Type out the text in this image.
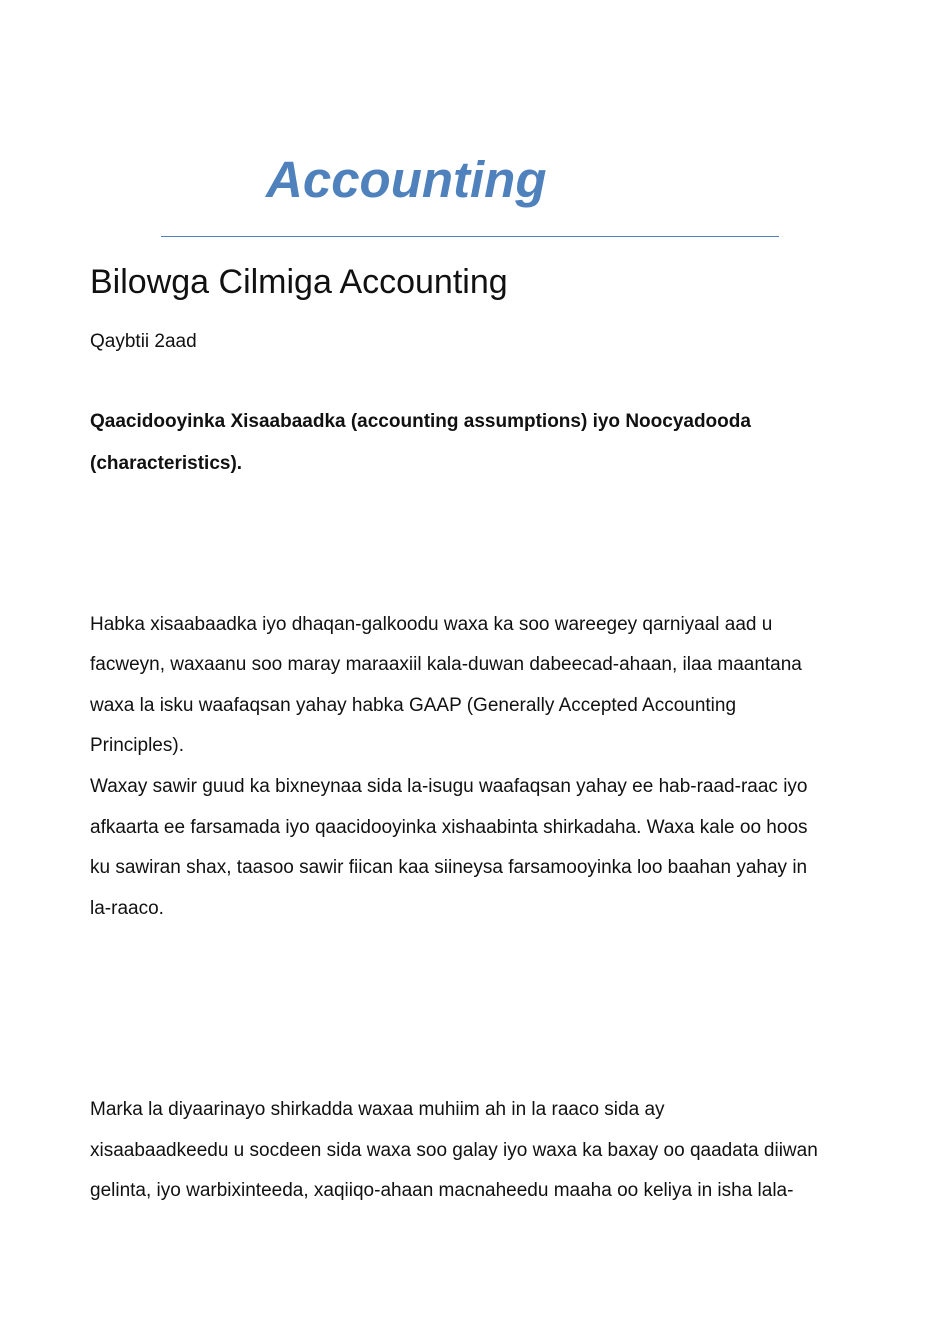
Accounting
Bilowga Cilmiga Accounting

Qaybtii 2aad

Qaacidooyinka Xisaabaadka (accounting assumptions) iyo Noocyadooda

(characteristics).

Habka xisaabaadka iyo dhaqan-galkoodu waxa ka soo wareegey qarniyaal aad u

facweyn, waxaanu soo maray maraaxiil kala-duwan dabeecad-ahaan, ilaa maantana

waxa la isku waafaqsan yahay habka GAAP (Generally Accepted Accounting

Principles).

Waxay sawir guud ka bixneynaa sida la-isugu waafaqsan yahay ee hab-raad-raac iyo

afkaarta ee farsamada iyo qaacidooyinka xishaabinta shirkadaha. Waxa kale oo hoos

ku sawiran shax, taasoo sawir fiican kaa siineysa farsamooyinka loo baahan yahay in

la-raaco.

Marka la diyaarinayo shirkadda waxaa muhiim ah in la raaco sida ay

xisaabaadkeedu u socdeen sida waxa soo galay iyo waxa ka baxay oo qaadata diiwan

gelinta, iyo warbixinteeda, xaqiiqo-ahaan macnaheedu maaha oo keliya in isha lala-
